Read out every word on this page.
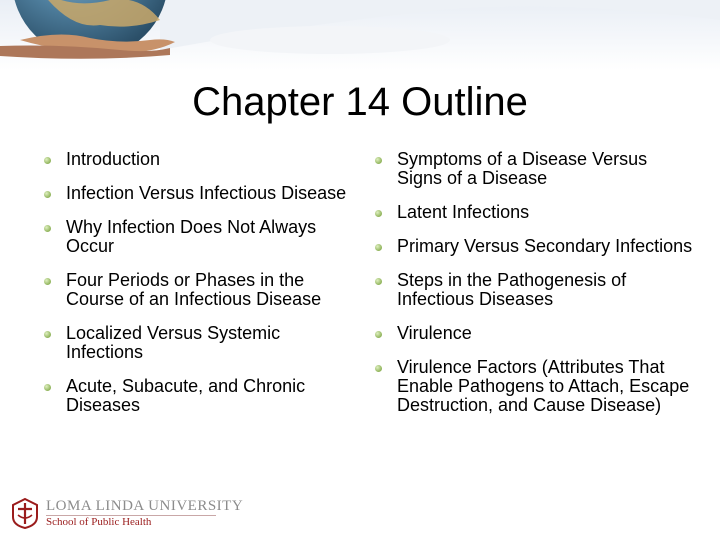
Chapter 14 Outline
Introduction
Infection Versus Infectious Disease
Why Infection Does Not Always Occur
Four Periods or Phases in the Course of an Infectious Disease
Localized Versus Systemic Infections
Acute, Subacute, and Chronic Diseases
Symptoms of a Disease Versus Signs of a Disease
Latent Infections
Primary Versus Secondary Infections
Steps in the Pathogenesis of Infectious Diseases
Virulence
Virulence Factors (Attributes That Enable Pathogens to Attach, Escape Destruction, and Cause Disease)
LOMA LINDA UNIVERSITY
School of Public Health
